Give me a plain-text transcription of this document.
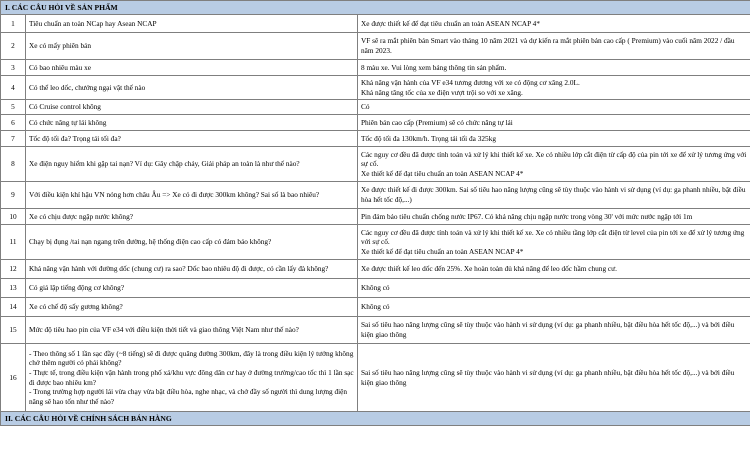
I. CÁC CÂU HỎI VỀ SẢN PHẨM		
1	Tiêu chuẩn an toàn NCap hay Asean NCAP	Xe được thiết kế để đạt tiêu chuẩn an toàn ASEAN NCAP 4*
2	Xe có mấy phiên bản	VF sẽ ra mắt phiên bản Smart vào tháng 10 năm 2021 và dự kiến ra mắt phiên bản cao cấp ( Premium) vào cuối năm 2022 / đầu năm 2023.
3	Có bao nhiêu màu xe	8 màu xe. Vui lòng xem bảng thông tin sản phẩm.
4	Có thể leo dốc, chướng ngại vật thế nào	Khả năng vận hành của VF e34 tương đương với xe có động cơ xăng 2.0L.
Khả năng tăng tốc của xe điện vượt trội so với xe xăng.

5	Có Cruise control không	Có
6	Có chức năng tự lái không	Phiên bản cao cấp (Premium) sẽ có chức năng tự lái
7	Tốc độ tối đa? Trọng tải tối đa?	Tốc độ tối đa 130km/h. Trọng tải tối đa 325kg
8	Xe điện nguy hiểm khi gặp tai nạn? Ví dụ: Gây chập cháy, Giải pháp an toàn là như thế nào?	Các nguy cơ đều đã được tính toán và xử lý khi thiết kế xe. Xe có nhiều lớp cắt điện từ cấp độ của pin tới xe để xử lý tương ứng với sự cố.
Xe thiết kế để đạt tiêu chuẩn an toàn ASEAN NCAP 4*

9	Với điều kiện khí hậu VN nóng hơn châu Âu => Xe có đi được 300km không? Sai số là bao nhiêu?	Xe được thiết kế đi được 300km. Sai số tiêu hao năng lượng cũng sẽ tùy thuộc vào hành vi sử dụng (ví dụ: ga phanh nhiều, bật điều hòa hết tốc độ,...)
10	Xe có chịu được ngập nước không?	Pin đảm bảo tiêu chuẩn chống nước IP67. Có khả năng chịu ngập nước trong vòng 30' với mức nước ngập tới 1m
11	Chạy bị đụng /tai nạn ngang trên đường, hệ thống điện cao cấp có đảm bảo không?	Các nguy cơ đều đã được tính toán và xử lý khi thiết kế xe. Xe có nhiều tầng lớp cắt điện từ level của pin tới xe để xử lý tương ứng với sự cố.
Xe thiết kế để đạt tiêu chuẩn an toàn ASEAN NCAP 4*

12	Khả năng vận hành với đường dốc (chung cư) ra sao? Dốc bao nhiêu độ đi được, có cần lấy đà không?	Xe được thiết kế leo dốc đến 25%. Xe hoàn toàn đủ khả năng để leo dốc hầm chung cư.
13	Có giả lập tiếng động cơ không?	Không có
14	Xe có chế độ sấy gương không?	Không có
15	Mức độ tiêu hao pin của VF e34 với điều kiện thời tiết và giao thông Việt Nam như thế nào?	Sai số tiêu hao năng lượng cũng sẽ tùy thuộc vào hành vi sử dụng (ví dụ: ga phanh nhiều, bật điều hòa hết tốc độ,...) và bởi điều kiện giao thông
16	- Theo thông số 1 lần sạc đầy (~8 tiếng) sẽ đi được quãng đường 300km, đây là trong điều kiện lý tưởng không chở thêm người có phải không?
- Thực tế, trong điều kiện vận hành trong phố xá/khu vực đông dân cư hay ở đường trường/cao tốc thì 1 lần sạc đi được bao nhiêu km?
- Trong trường hợp người lái vừa chạy vừa bật điều hòa, nghe nhạc, và chở đầy số người thì dung lượng điện năng sẽ hao tốn như thế nào?	Sai số tiêu hao năng lượng cũng sẽ tùy thuộc vào hành vi sử dụng (ví dụ: ga phanh nhiều, bật điều hòa hết tốc độ,...) và bởi điều kiện giao thông
II. CÁC CÂU HỎI VỀ CHÍNH SÁCH BÁN HÀNG		
